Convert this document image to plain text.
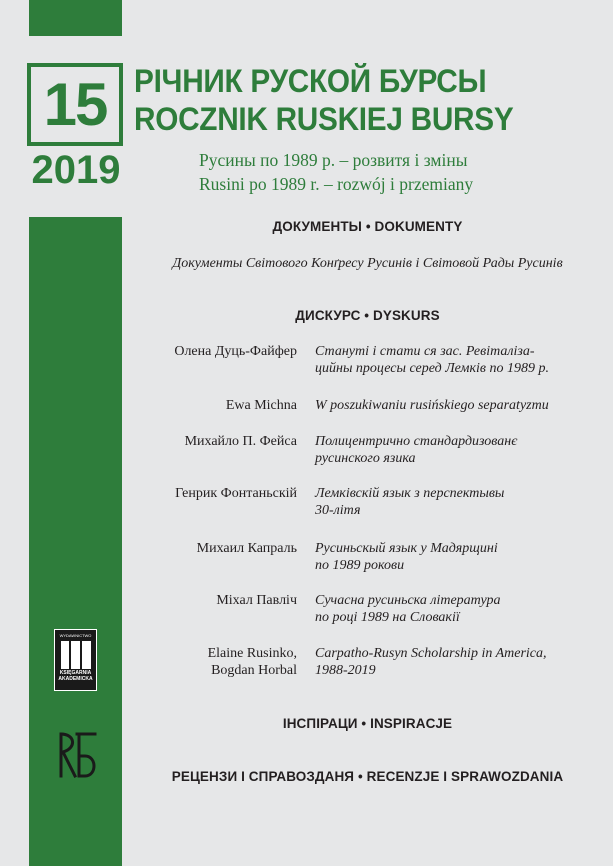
15
2019
РІЧНИК РУСКОЙ БУРСЫ
ROCZNIK RUSKIEJ BURSY
Русины по 1989 р. – розвитя і зміны
Rusini po 1989 r. – rozwój i przemiany
ДОКУМЕНТЫ • DOKUMENTY
Документы Світового Конґресу Русинів і Світовой Рады Русинів
ДИСКУРС • DYSKURS
Олена Дуць-Файфер Стануті і стати ся зас. Ревіталіза-
цийны процесы серед Лемків по 1989 р.
Ewa Michna W poszukiwaniu rusińskiego separatyzmu
Михайло П. Фейса Полицентрично стандардизованє
русинского язика
Генрик Фонтаньскій Лемківскій язык з перспектывы
30-літя
Михаил Капраль Русиньскый язык у Мадярщині
по 1989 рокови
Міхал Павліч Сучасна русиньска література
по році 1989 на Словакії
Elaine Rusinko,
Bogdan Horbal
Carpatho-Rusyn Scholarship in America,
1988-2019
ІНСПІРАЦИ • INSPIRACJE
РЕЦЕНЗИ І СПРАВОЗДАНЯ • RECENZJE I SPRAWOZDANIA
WYDAWNICTWO
KSIĘGARNIA AKADEMICKA
